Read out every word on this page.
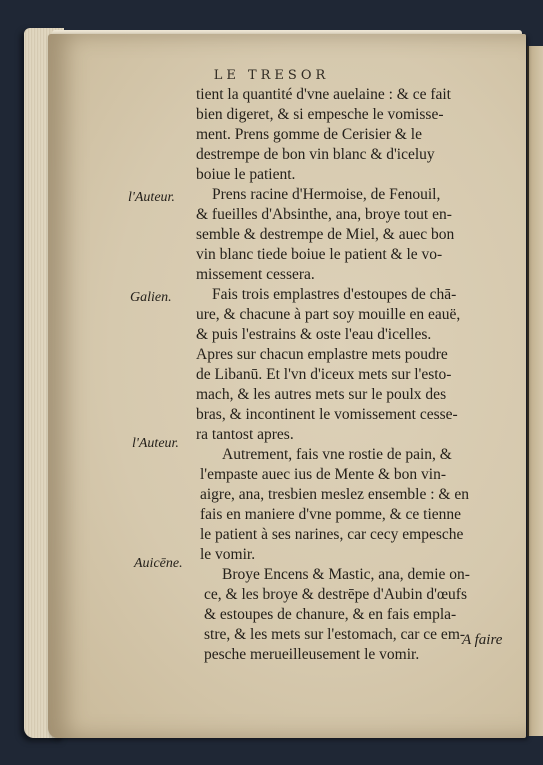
LE TRESOR
tient la quantité d'vne auelaine : & ce fait
bien digeret, & si empesche le vomisse-
ment. Prens gomme de Cerisier & le
destrempe de bon vin blanc & d'iceluy
boiue le patient.
Prens racine d'Hermoise, de Fenouil,
& fueilles d'Absinthe, ana, broye tout en-
semble & destrempe de Miel, & auec bon
vin blanc tiede boiue le patient & le vo-
missement cessera.
Fais trois emplastres d'estoupes de chā-
ure, & chacune à part soy mouille en eauë,
& puis l'estrains & oste l'eau d'icelles.
Apres sur chacun emplastre mets poudre
de Libanū. Et l'vn d'iceux mets sur l'esto-
mach, & les autres mets sur le poulx des
bras, & incontinent le vomissement cesse-
ra tantost apres.
Autrement, fais vne rostie de pain, &
l'empaste auec ius de Mente & bon vin-
aigre, ana, tresbien meslez ensemble : & en
fais en maniere d'vne pomme, & ce tienne
le patient à ses narines, car cecy empesche
le vomir.
Broye Encens & Mastic, ana, demie on-
ce, & les broye & destrēpe d'Aubin d'œufs
& estoupes de chanure, & en fais empla-
stre, & les mets sur l'estomach, car ce em-
pesche merueilleusement le vomir.
l'Auteur.
Galien.
l'Auteur.
Auicēne.
A faire
